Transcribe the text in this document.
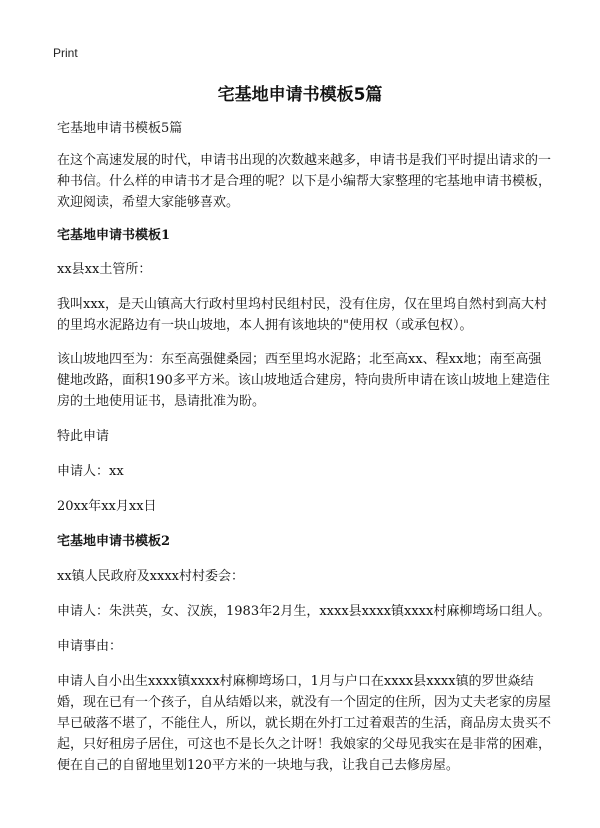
Print
宅基地申请书模板5篇

宅基地申请书模板5篇

在这个高速发展的时代，申请书出现的次数越来越多，申请书是我们平时提出请求的一种书信。什么样的申请书才是合理的呢？以下是小编帮大家整理的宅基地申请书模板，欢迎阅读，希望大家能够喜欢。

宅基地申请书模板1

xx县xx土管所：

我叫xxx，是天山镇高大行政村里坞村民组村民，没有住房，仅在里坞自然村到高大村的里坞水泥路边有一块山坡地，本人拥有该地块的"使用权（或承包权）。

该山坡地四至为：东至高强健桑园；西至里坞水泥路；北至高xx、程xx地；南至高强健地改路，面积190多平方米。该山坡地适合建房，特向贵所申请在该山坡地上建造住房的土地使用证书，恳请批准为盼。

特此申请

申请人：xx

20xx年xx月xx日

宅基地申请书模板2

xx镇人民政府及xxxx村村委会：

申请人：朱洪英，女、汉族，1983年2月生，xxxx县xxxx镇xxxx村麻柳塆场口组人。

申请事由：

申请人自小出生xxxx镇xxxx村麻柳塆场口，1月与户口在xxxx县xxxx镇的罗世焱结婚，现在已有一个孩子，自从结婚以来，就没有一个固定的住所，因为丈夫老家的房屋早已破落不堪了，不能住人，所以，就长期在外打工过着艰苦的生活，商品房太贵买不起，只好租房子居住，可这也不是长久之计呀！我娘家的父母见我实在是非常的困难，便在自己的自留地里划120平方米的一块地与我，让我自己去修房屋。
